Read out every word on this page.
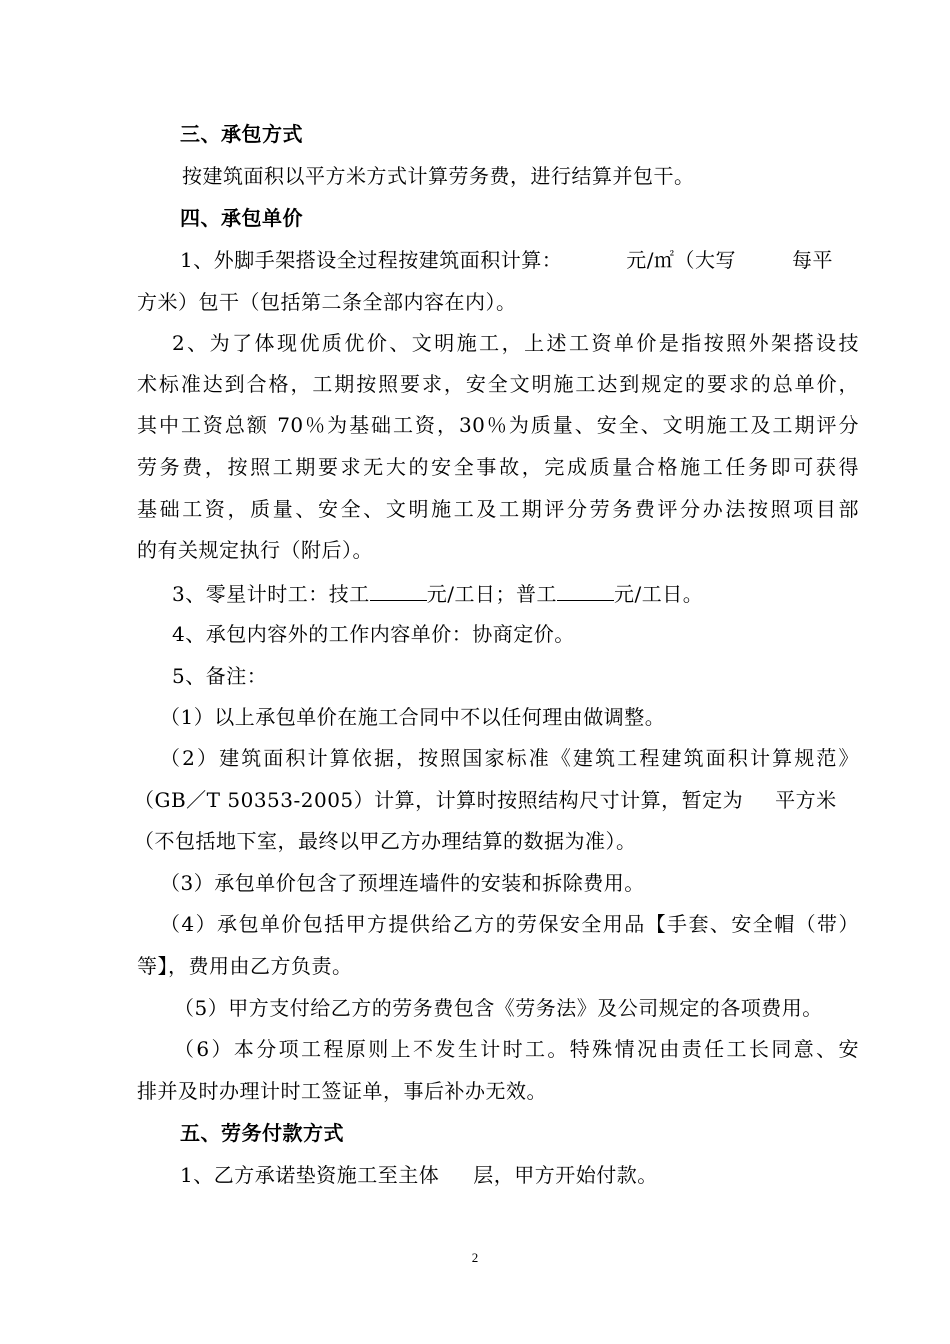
三、承包方式
按建筑面积以平方米方式计算劳务费，进行结算并包干。
四、承包单价
1、外脚手架搭设全过程按建筑面积计算：	元/㎡（大写	每平
方米）包干（包括第二条全部内容在内）。
2、为了体现优质优价、文明施工，上述工资单价是指按照外架搭设技
术标准达到合格，工期按照要求，安全文明施工达到规定的要求的总单价，
其中工资总额 70％为基础工资，30％为质量、安全、文明施工及工期评分
劳务费，按照工期要求无大的安全事故，完成质量合格施工任务即可获得
基础工资，质量、安全、文明施工及工期评分劳务费评分办法按照项目部
的有关规定执行（附后）。
3、零星计时工：技工	元/工日；普工	元/工日。
4、承包内容外的工作内容单价：协商定价。
5、备注：
（1）以上承包单价在施工合同中不以任何理由做调整。
（2）建筑面积计算依据，按照国家标准《建筑工程建筑面积计算规范》
（GB／T 50353-2005）计算，计算时按照结构尺寸计算，暂定为 平方米
（不包括地下室，最终以甲乙方办理结算的数据为准）。
（3）承包单价包含了预埋连墙件的安装和拆除费用。
（4）承包单价包括甲方提供给乙方的劳保安全用品【手套、安全帽（带）
等】，费用由乙方负责。
（5）甲方支付给乙方的劳务费包含《劳务法》及公司规定的各项费用。
（6）本分项工程原则上不发生计时工。特殊情况由责任工长同意、安
排并及时办理计时工签证单，事后补办无效。
五、劳务付款方式
1、乙方承诺垫资施工至主体 层，甲方开始付款。
2
